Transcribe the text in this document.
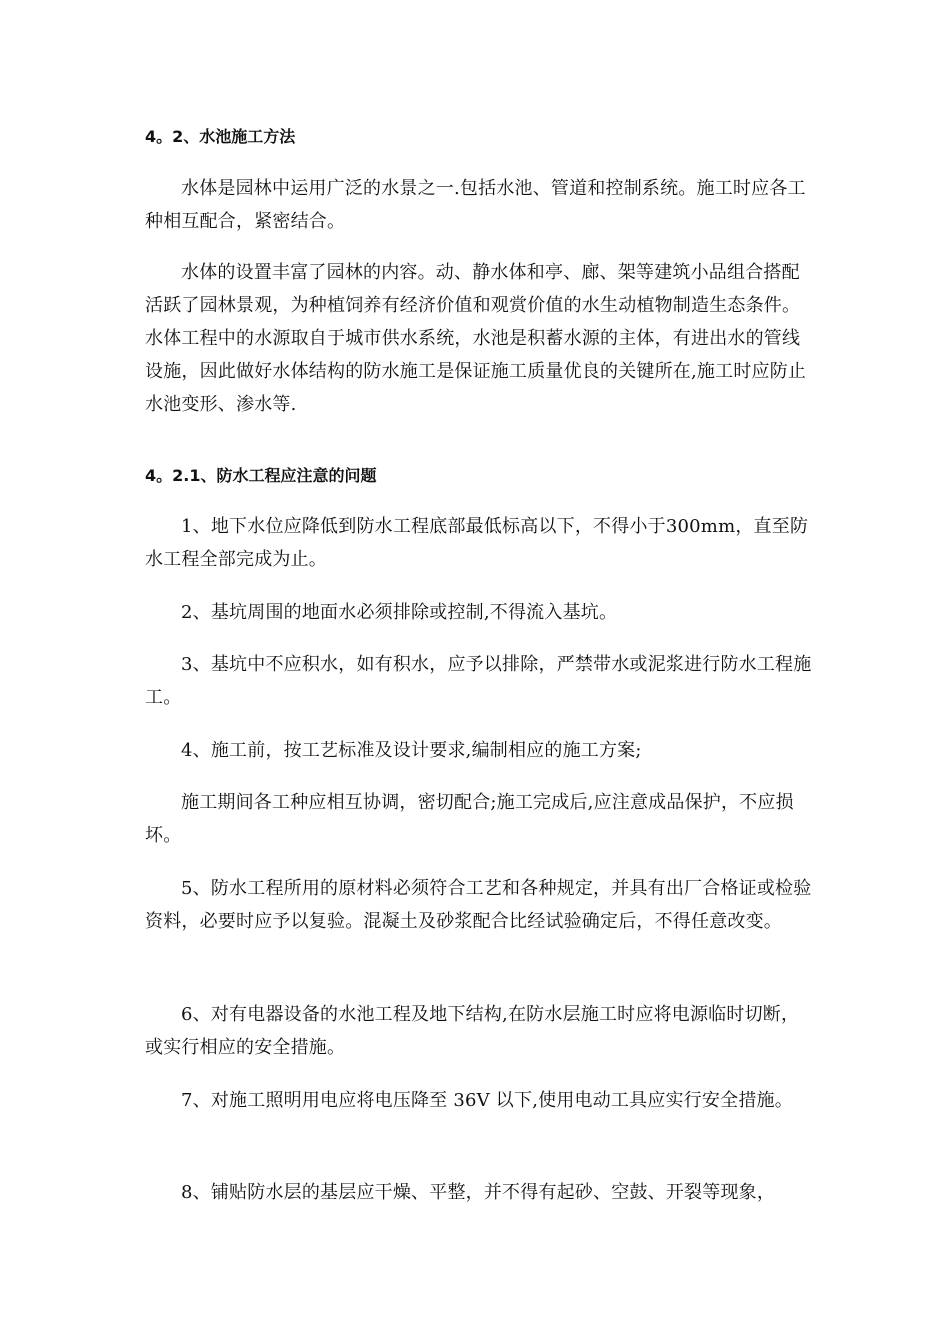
4。2、水池施工方法

水体是园林中运用广泛的水景之一.包括水池、管道和控制系统。施工时应各工种相互配合，紧密结合。

水体的设置丰富了园林的内容。动、静水体和亭、廊、架等建筑小品组合搭配活跃了园林景观，为种植饲养有经济价值和观赏价值的水生动植物制造生态条件。水体工程中的水源取自于城市供水系统，水池是积蓄水源的主体，有进出水的管线设施，因此做好水体结构的防水施工是保证施工质量优良的关键所在,施工时应防止水池变形、渗水等.

4。2.1、防水工程应注意的问题

1、地下水位应降低到防水工程底部最低标高以下，不得小于300mm，直至防水工程全部完成为止。

2、基坑周围的地面水必须排除或控制,不得流入基坑。

3、基坑中不应积水，如有积水，应予以排除，严禁带水或泥浆进行防水工程施工。

4、施工前，按工艺标准及设计要求,编制相应的施工方案;

施工期间各工种应相互协调，密切配合;施工完成后,应注意成品保护，不应损坏。

5、防水工程所用的原材料必须符合工艺和各种规定，并具有出厂合格证或检验资料，必要时应予以复验。混凝土及砂浆配合比经试验确定后，不得任意改变。

6、对有电器设备的水池工程及地下结构,在防水层施工时应将电源临时切断，或实行相应的安全措施。

7、对施工照明用电应将电压降至 36V 以下,使用电动工具应实行安全措施。

8、铺贴防水层的基层应干燥、平整，并不得有起砂、空鼓、开裂等现象，
